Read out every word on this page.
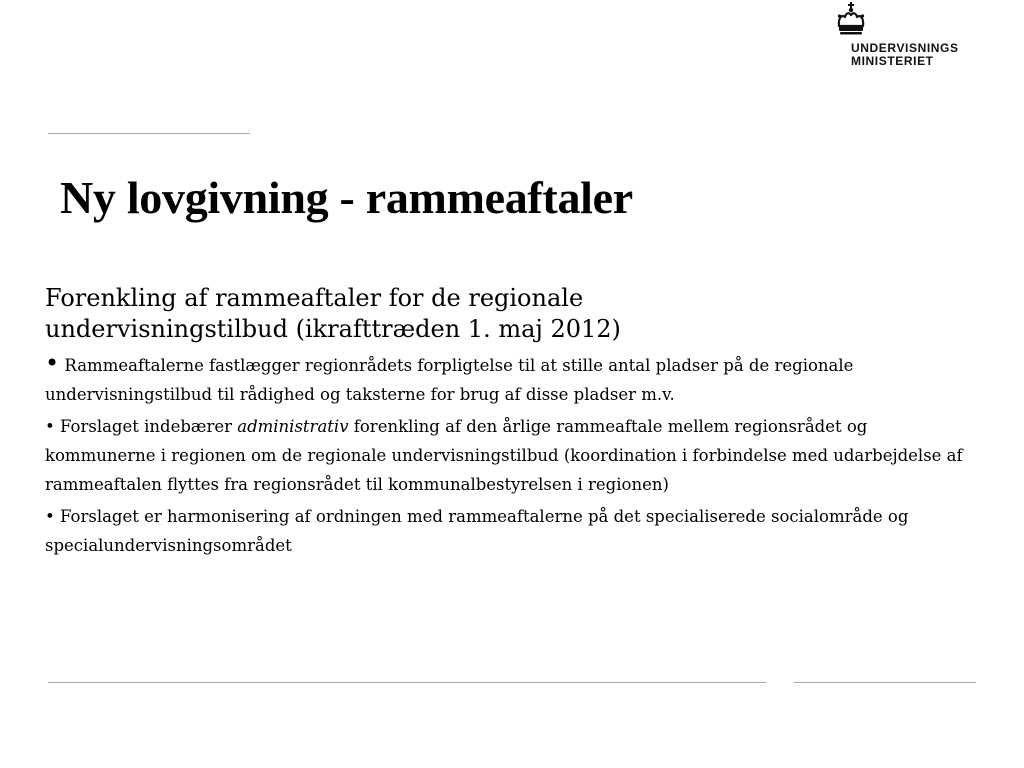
UNDERVISNINGS
MINISTERIET
Ny lovgivning - rammeaftaler

Forenkling af rammeaftaler for de regionale
undervisningstilbud (ikrafttræden 1. maj 2012)

• Rammeaftalerne fastlægger regionrådets forpligtelse til at stille antal pladser på de regionale undervisningstilbud til rådighed og taksterne for brug af disse pladser m.v.

• Forslaget indebærer administrativ forenkling af den årlige rammeaftale mellem regionsrådet og kommunerne i regionen om de regionale undervisningstilbud (koordination i forbindelse med udarbejdelse af rammeaftalen flyttes fra regionsrådet til kommunalbestyrelsen i regionen)

• Forslaget er harmonisering af ordningen med rammeaftalerne på det specialiserede socialområde og specialundervisningsområdet
